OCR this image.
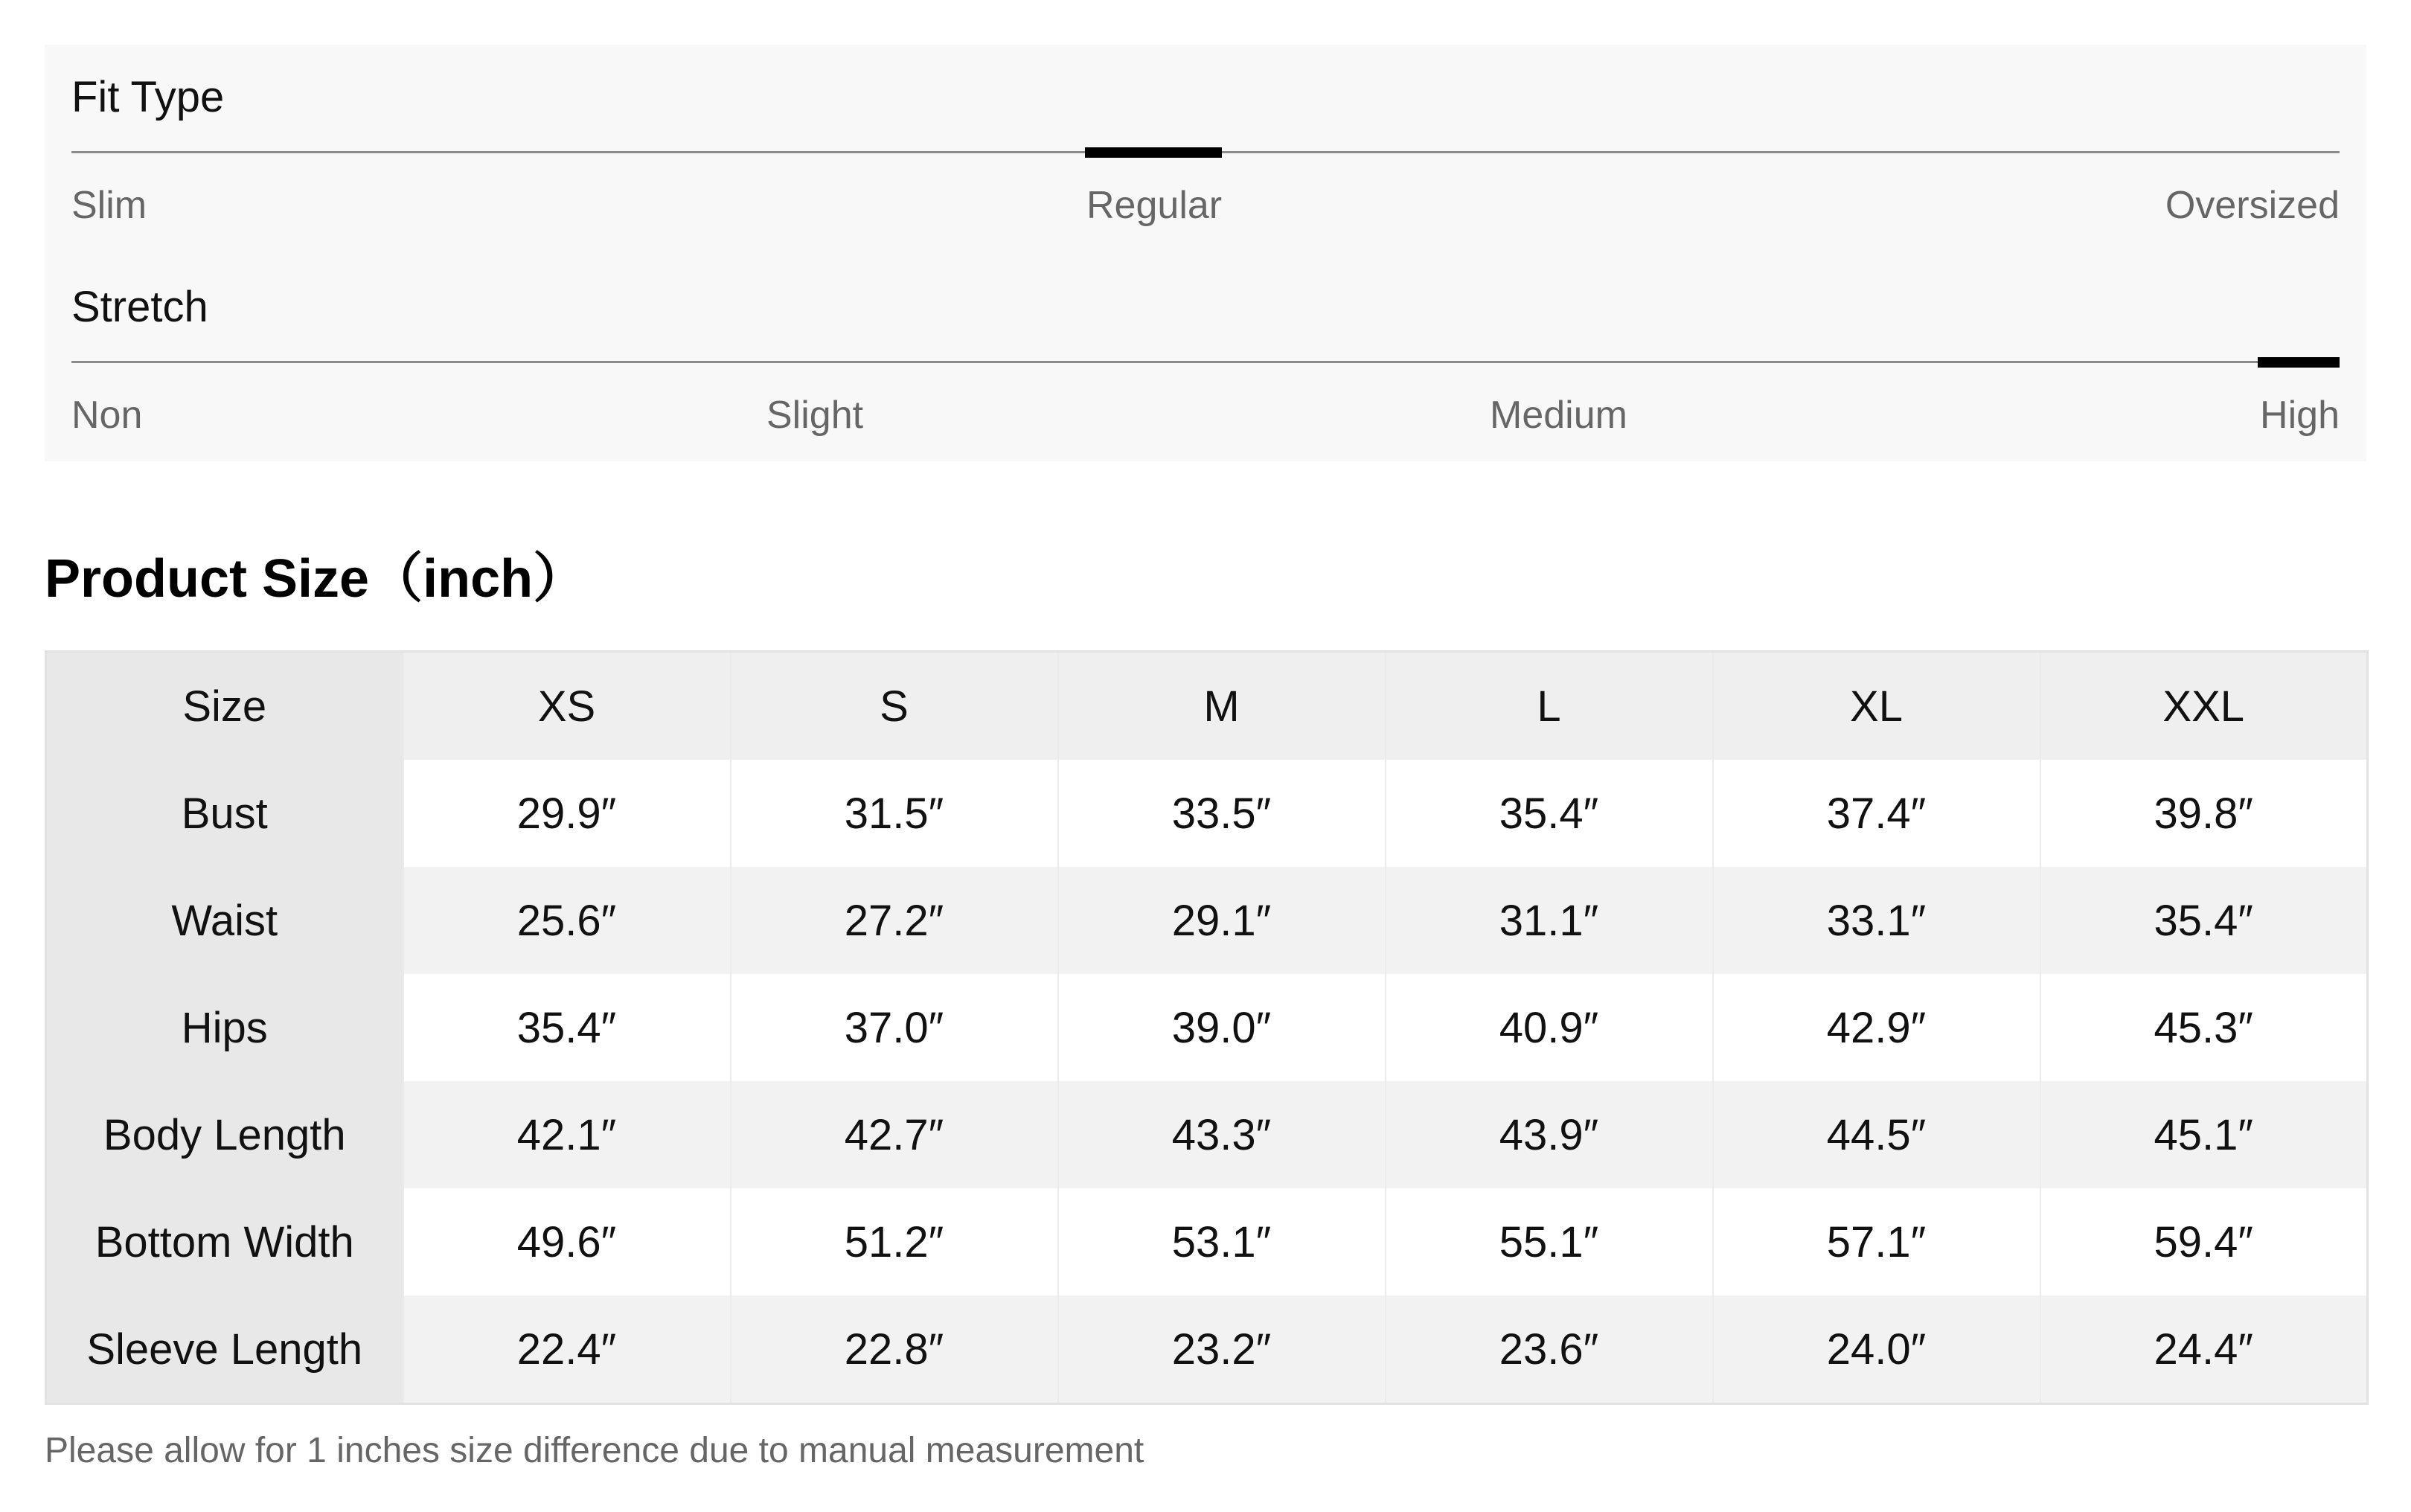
Fit Type
Slim	Regular	Oversized
Stretch
Non	Slight	Medium	High
Product Size（inch）
Size	XS	S	M	L	XL	XXL
Bust	29.9″	31.5″	33.5″	35.4″	37.4″	39.8″
Waist	25.6″	27.2″	29.1″	31.1″	33.1″	35.4″
Hips	35.4″	37.0″	39.0″	40.9″	42.9″	45.3″
Body Length	42.1″	42.7″	43.3″	43.9″	44.5″	45.1″
Bottom Width	49.6″	51.2″	53.1″	55.1″	57.1″	59.4″
Sleeve Length	22.4″	22.8″	23.2″	23.6″	24.0″	24.4″
Please allow for 1 inches size difference due to manual measurement
